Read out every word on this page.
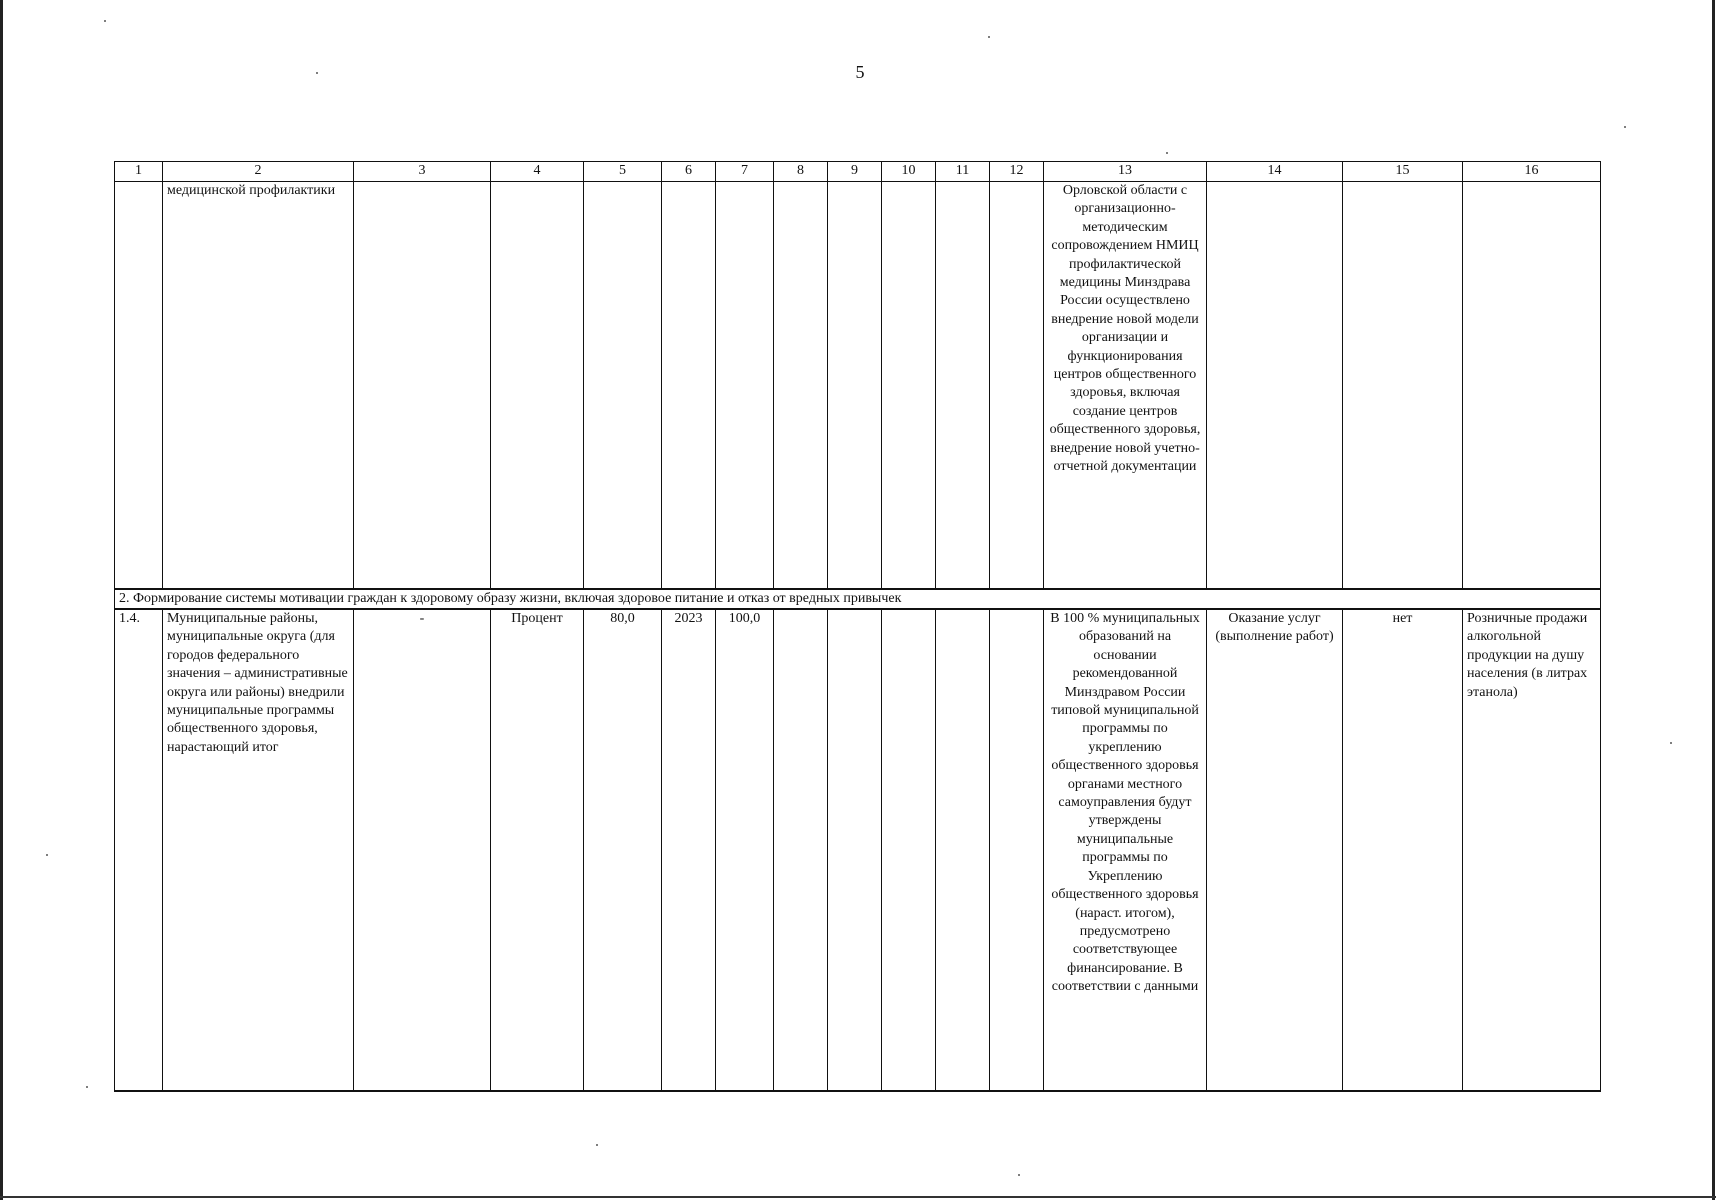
5
1	2	3	4	5	6	7	8	9	10	11	12	13	14	15	16
	медицинской профилактики											Орловской области с организационно-методическим сопровождением НМИЦ профилактической медицины Минздрава России осуществлено внедрение новой модели организации и функционирования центров общественного здоровья, включая создание центров общественного здоровья, внедрение новой учетно-отчетной документации			
2. Формирование системы мотивации граждан к здоровому образу жизни, включая здоровое питание и отказ от вредных привычек															
1.4.	Муниципальные районы, муниципальные округа (для городов федерального значения – административные округа или районы) внедрили муниципальные программы общественного здоровья, нарастающий итог	-	Процент	80,0	2023	100,0						В 100 % муниципальных образований на основании рекомендованной Минздравом России типовой муниципальной программы по укреплению общественного здоровья органами местного самоуправления будут утверждены муниципальные программы по Укреплению общественного здоровья (нараст. итогом), предусмотрено соответствующее финансирование. В соответствии с данными	Оказание услуг (выполнение работ)	нет	Розничные продажи алкогольной продукции на душу населения (в литрах этанола)
